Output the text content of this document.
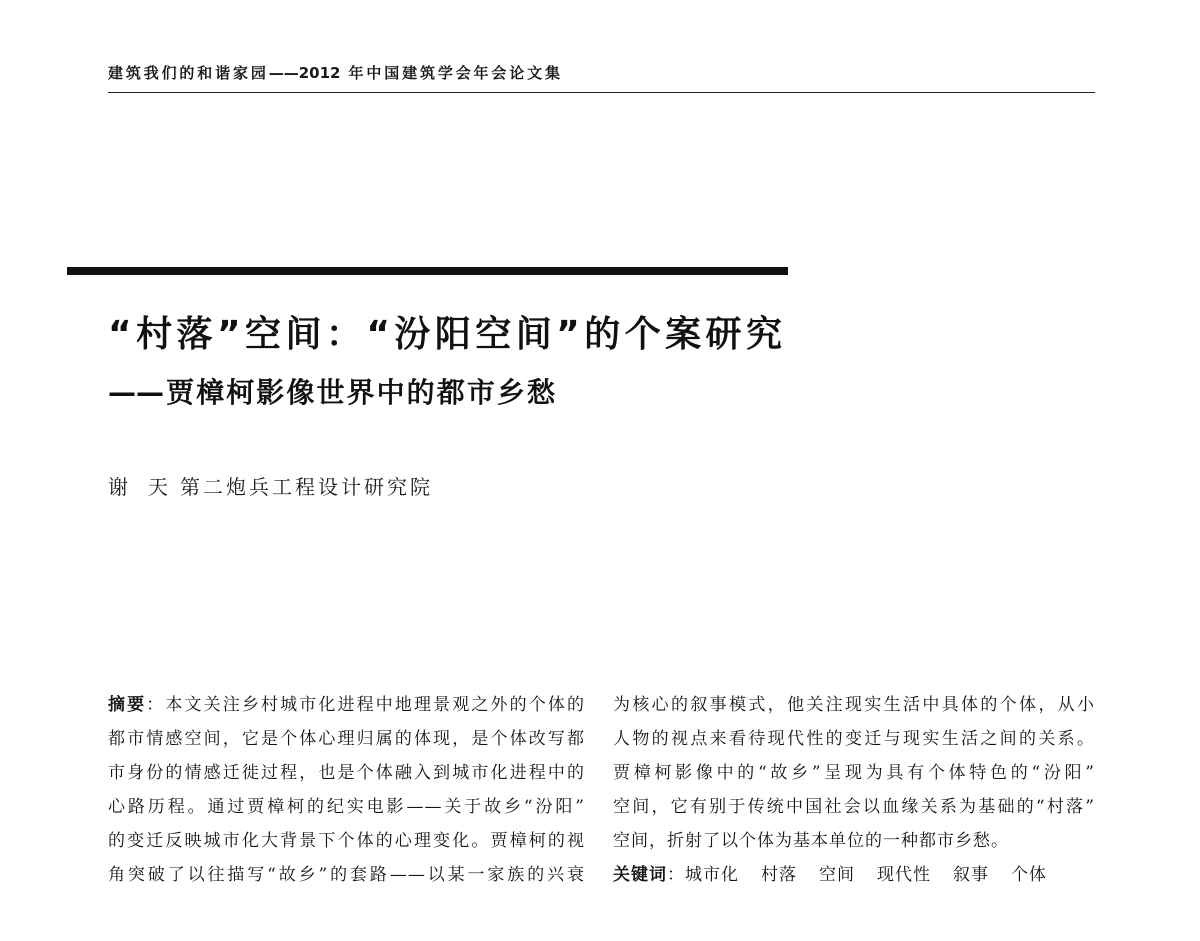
建筑我们的和谐家园——2012 年中国建筑学会年会论文集
“村落”空间：“汾阳空间”的个案研究
——贾樟柯影像世界中的都市乡愁
谢　天 第二炮兵工程设计研究院
摘要：本文关注乡村城市化进程中地理景观之外的个体的
都市情感空间，它是个体心理归属的体现，是个体改写都
市身份的情感迁徙过程，也是个体融入到城市化进程中的
心路历程。通过贾樟柯的纪实电影——关于故乡“汾阳”
的变迁反映城市化大背景下个体的心理变化。贾樟柯的视
角突破了以往描写“故乡”的套路——以某一家族的兴衰
为核心的叙事模式，他关注现实生活中具体的个体，从小
人物的视点来看待现代性的变迁与现实生活之间的关系。
贾樟柯影像中的“故乡”呈现为具有个体特色的“汾阳”
空间，它有别于传统中国社会以血缘关系为基础的“村落”
空间，折射了以个体为基本单位的一种都市乡愁。
关键词：城市化 村落 空间 现代性 叙事 个体
